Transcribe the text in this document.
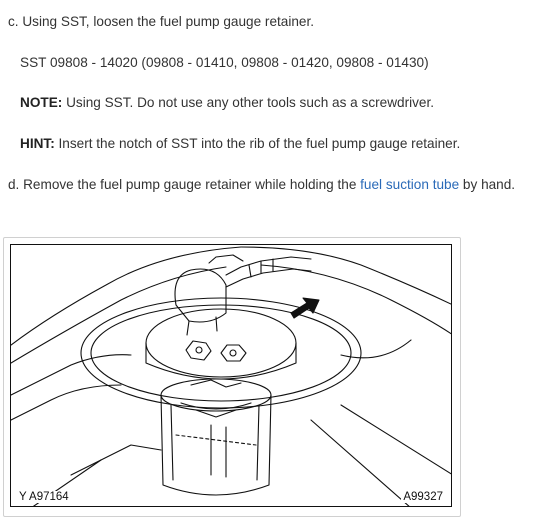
c. Using SST, loosen the fuel pump gauge retainer.
SST 09808 - 14020 (09808 - 01410, 09808 - 01420, 09808 - 01430)
NOTE: Using SST. Do not use any other tools such as a screwdriver.
HINT: Insert the notch of SST into the rib of the fuel pump gauge retainer.
d. Remove the fuel pump gauge retainer while holding the fuel suction tube by hand.
Y A97164	A99327
